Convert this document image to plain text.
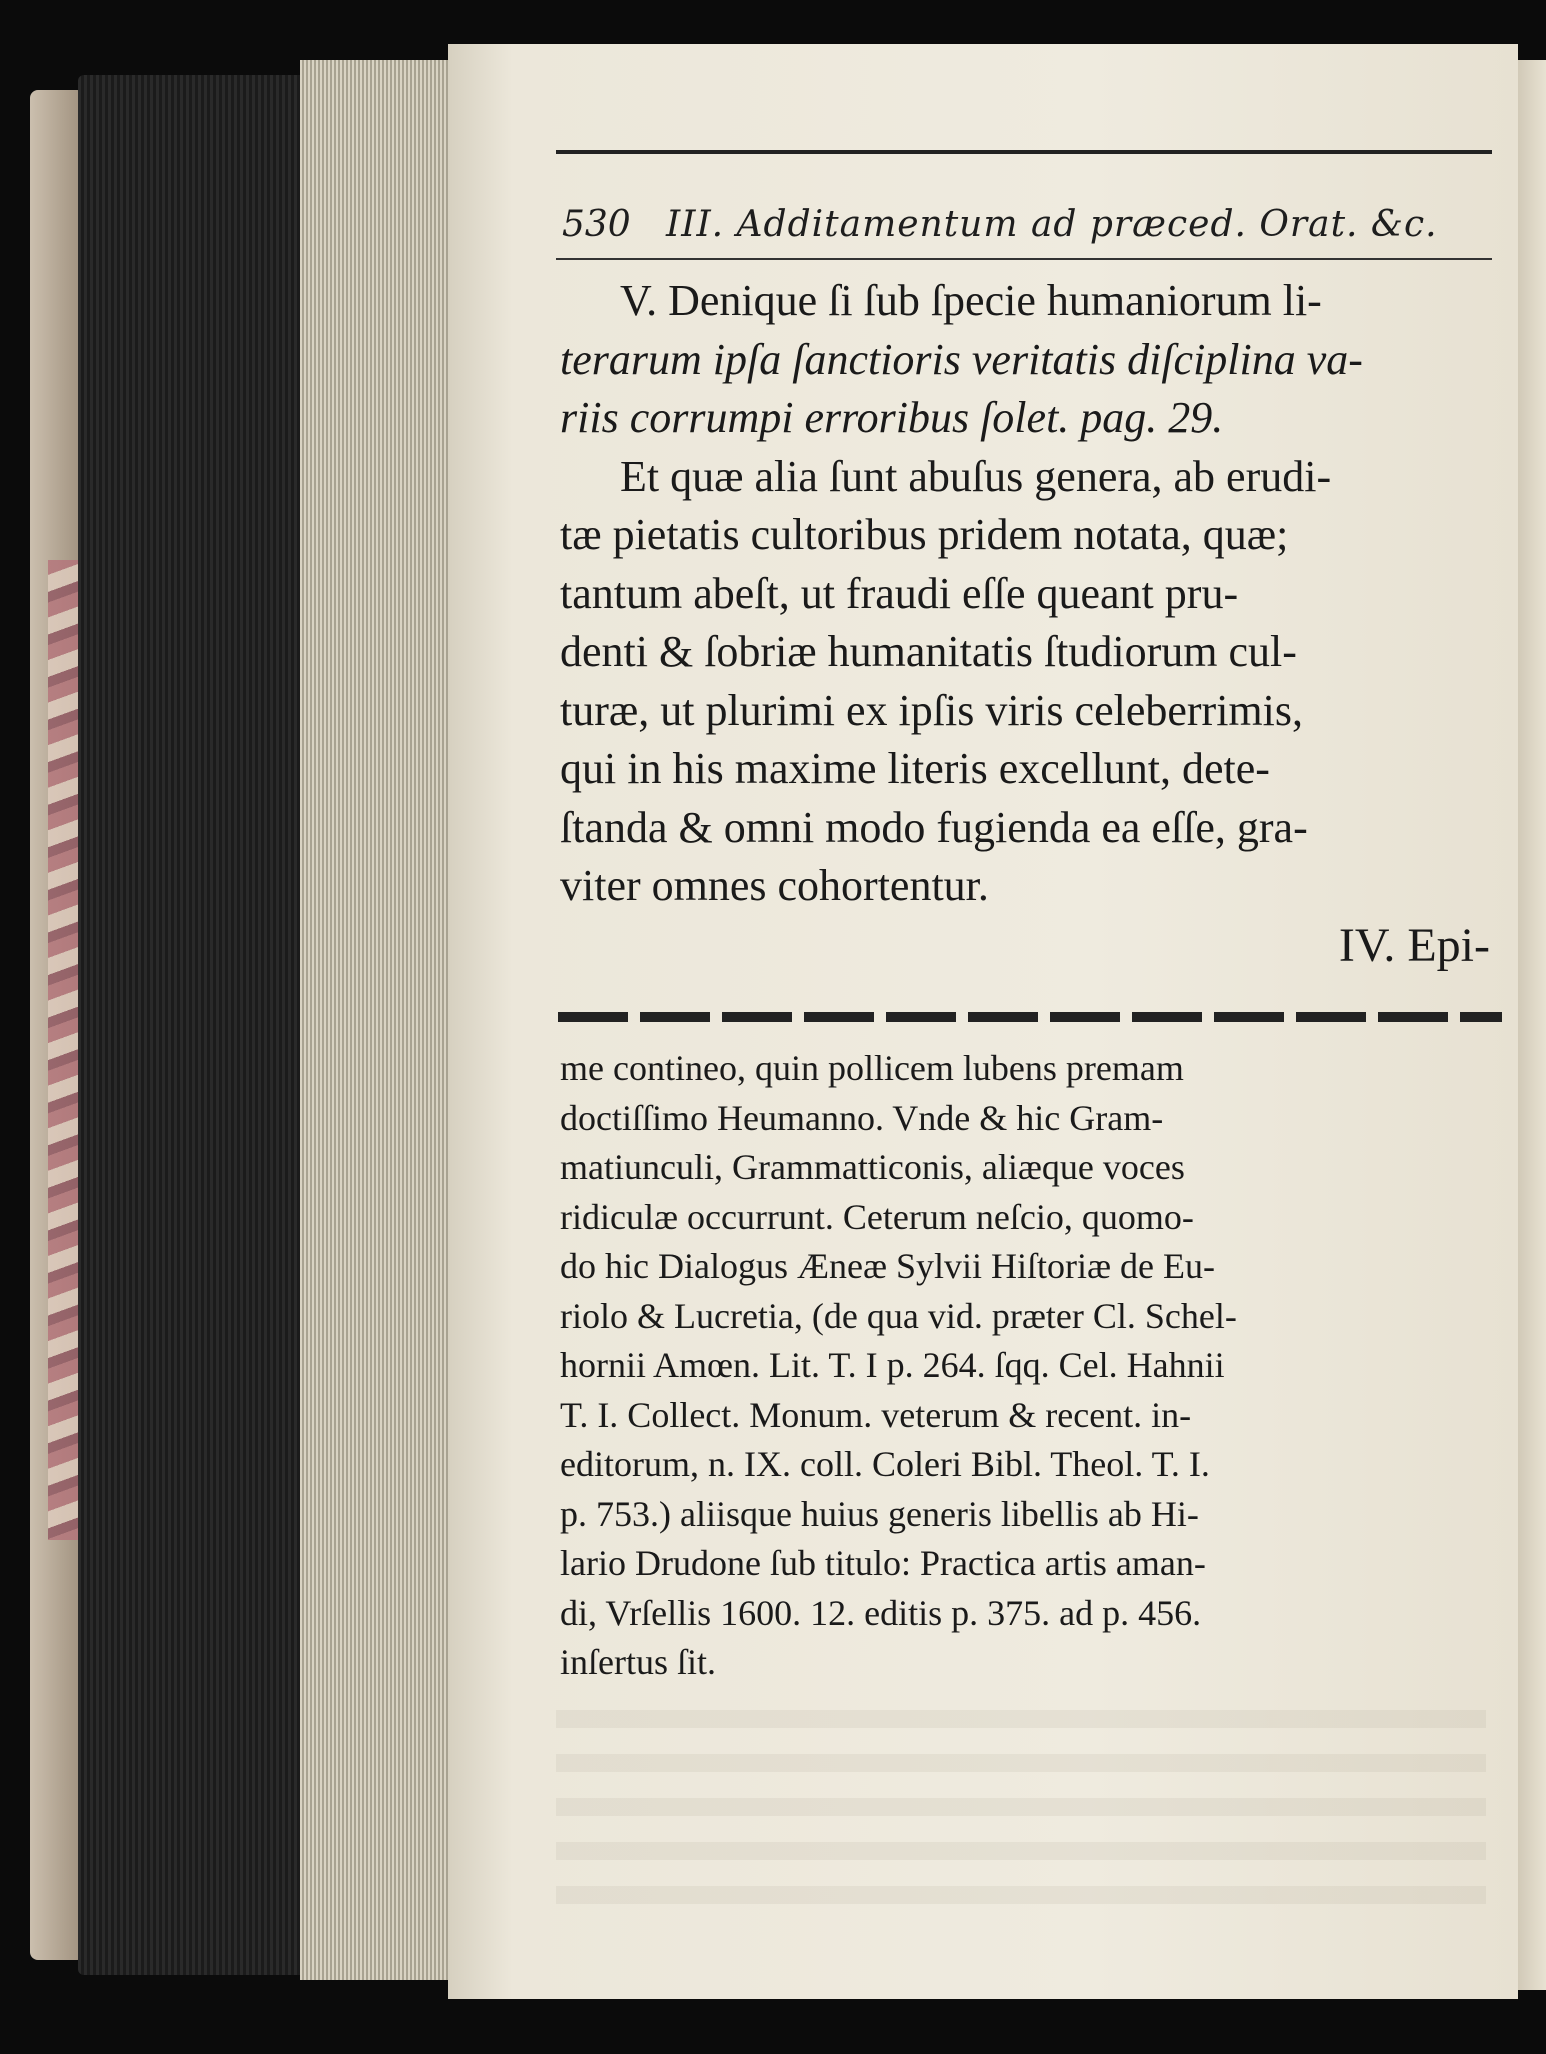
530 III. Additamentum ad præced. Orat. &c.
V. Denique ſi ſub ſpecie humaniorum li-
terarum ipſa ſanctioris veritatis diſciplina va-
riis corrumpi erroribus ſolet. pag. 29.
Et quæ alia ſunt abuſus genera, ab erudi-
tæ pietatis cultoribus pridem notata, quæ;
tantum abeſt, ut fraudi eſſe queant pru-
denti & ſobriæ humanitatis ſtudiorum cul-
turæ, ut plurimi ex ipſis viris celeberrimis,
qui in his maxime literis excellunt, dete-
ſtanda & omni modo fugienda ea eſſe, gra-
viter omnes cohortentur.
IV. Epi-
me contineo, quin pollicem lubens premam
doctiſſimo Heumanno. Vnde & hic Gram-
matiunculi, Grammatticonis, aliæque voces
ridiculæ occurrunt. Ceterum neſcio, quomo-
do hic Dialogus Æneæ Sylvii Hiſtoriæ de Eu-
riolo & Lucretia, (de qua vid. præter Cl. Schel-
hornii Amœn. Lit. T. I p. 264. ſqq. Cel. Hahnii
T. I. Collect. Monum. veterum & recent. in-
editorum, n. IX. coll. Coleri Bibl. Theol. T. I.
p. 753.) aliisque huius generis libellis ab Hi-
lario Drudone ſub titulo: Practica artis aman-
di, Vrſellis 1600. 12. editis p. 375. ad p. 456.
inſertus ſit.
